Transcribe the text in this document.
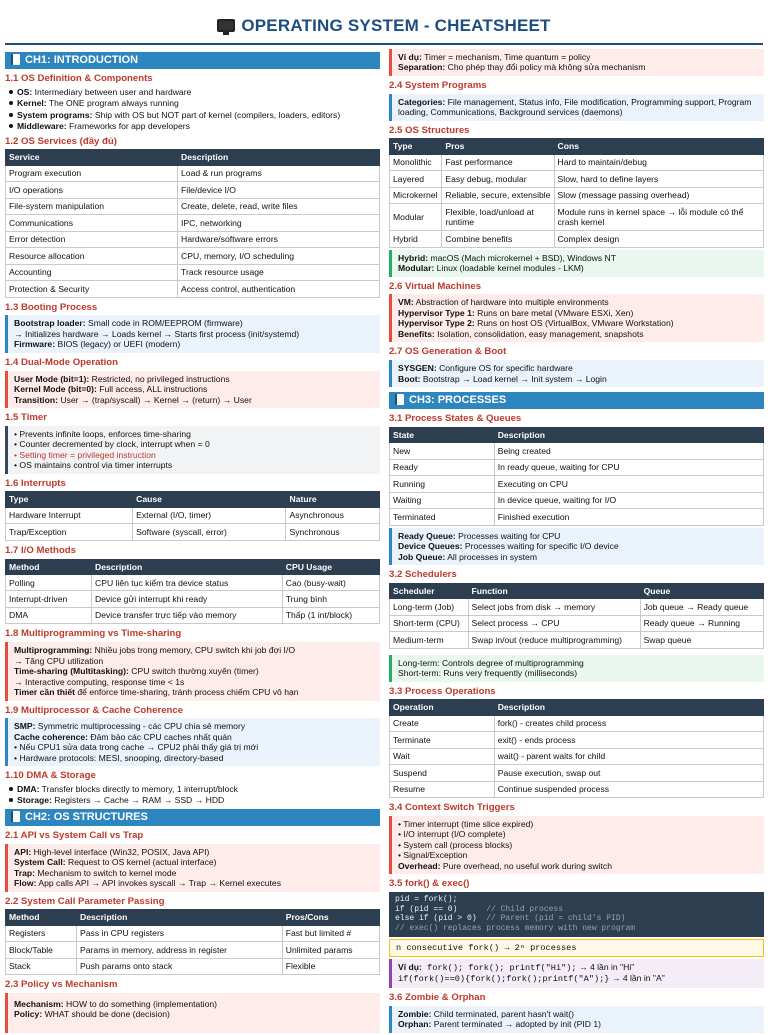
OPERATING SYSTEM - CHEATSHEET
CH1: INTRODUCTION
1.1 OS Definition & Components
OS: Intermediary between user and hardware
Kernel: The ONE program always running
System programs: Ship with OS but NOT part of kernel (compilers, loaders, editors)
Middleware: Frameworks for app developers
1.2 OS Services (đầy đủ)
Service	Description
Program execution	Load & run programs
I/O operations	File/device I/O
File-system manipulation	Create, delete, read, write files
Communications	IPC, networking
Error detection	Hardware/software errors
Resource allocation	CPU, memory, I/O scheduling
Accounting	Track resource usage
Protection & Security	Access control, authentication
1.3 Booting Process
Bootstrap loader: Small code in ROM/EEPROM (firmware)
→ Initializes hardware → Loads kernel → Starts first process (init/systemd)
Firmware: BIOS (legacy) or UEFI (modern)
1.4 Dual-Mode Operation
User Mode (bit=1): Restricted, no privileged instructions
Kernel Mode (bit=0): Full access, ALL instructions
Transition: User → (trap/syscall) → Kernel → (return) → User
1.5 Timer
• Prevents infinite loops, enforces time-sharing
• Counter decremented by clock, interrupt when = 0
• Setting timer = privileged instruction
• OS maintains control via timer interrupts
1.6 Interrupts
Type	Cause	Nature
Hardware Interrupt	External (I/O, timer)	Asynchronous
Trap/Exception	Software (syscall, error)	Synchronous
1.7 I/O Methods
Method	Description	CPU Usage
Polling	CPU liên tục kiểm tra device status	Cao (busy-wait)
Interrupt-driven	Device gửi interrupt khi ready	Trung bình
DMA	Device transfer trực tiếp vào memory	Thấp (1 int/block)
1.8 Multiprogramming vs Time-sharing
Multiprogramming: Nhiều jobs trong memory, CPU switch khi job đợi I/O
→ Tăng CPU utilization
Time-sharing (Multitasking): CPU switch thường xuyên (timer)
→ Interactive computing, response time < 1s
Timer cần thiết để enforce time-sharing, tránh process chiếm CPU vô hạn
1.9 Multiprocessor & Cache Coherence
SMP: Symmetric multiprocessing - các CPU chia sẻ memory
Cache coherence: Đảm bảo các CPU caches nhất quán
• Nếu CPU1 sửa data trong cache → CPU2 phải thấy giá trị mới
• Hardware protocols: MESI, snooping, directory-based
1.10 DMA & Storage
DMA: Transfer blocks directly to memory, 1 interrupt/block
Storage: Registers → Cache → RAM → SSD → HDD
CH2: OS STRUCTURES
2.1 API vs System Call vs Trap
API: High-level interface (Win32, POSIX, Java API)
System Call: Request to OS kernel (actual interface)
Trap: Mechanism to switch to kernel mode
Flow: App calls API → API invokes syscall → Trap → Kernel executes
2.2 System Call Parameter Passing
Method	Description	Pros/Cons
Registers	Pass in CPU registers	Fast but limited #
Block/Table	Params in memory, address in register	Unlimited params
Stack	Push params onto stack	Flexible
2.3 Policy vs Mechanism
Mechanism: HOW to do something (implementation)
Policy: WHAT should be done (decision)
Ví dụ: Timer = mechanism, Time quantum = policy
Separation: Cho phép thay đổi policy mà không sửa mechanism
2.4 System Programs
Categories: File management, Status info, File modification, Programming support, Program loading, Communications, Background services (daemons)
2.5 OS Structures
Type	Pros	Cons
Monolithic	Fast performance	Hard to maintain/debug
Layered	Easy debug, modular	Slow, hard to define layers
Microkernel	Reliable, secure, extensible	Slow (message passing overhead)
Modular	Flexible, load/unload at runtime	Module runs in kernel space → lỗi module có thể crash kernel
Hybrid	Combine benefits	Complex design
Hybrid: macOS (Mach microkernel + BSD), Windows NT
Modular: Linux (loadable kernel modules - LKM)
2.6 Virtual Machines
VM: Abstraction of hardware into multiple environments
Hypervisor Type 1: Runs on bare metal (VMware ESXi, Xen)
Hypervisor Type 2: Runs on host OS (VirtualBox, VMware Workstation)
Benefits: Isolation, consolidation, easy management, snapshots
2.7 OS Generation & Boot
SYSGEN: Configure OS for specific hardware
Boot: Bootstrap → Load kernel → Init system → Login
CH3: PROCESSES
3.1 Process States & Queues
State	Description
New	Being created
Ready	In ready queue, waiting for CPU
Running	Executing on CPU
Waiting	In device queue, waiting for I/O
Terminated	Finished execution
Ready Queue: Processes waiting for CPU
Device Queues: Processes waiting for specific I/O device
Job Queue: All processes in system
3.2 Schedulers
Scheduler	Function	Queue
Long-term (Job)	Select jobs from disk → memory	Job queue → Ready queue
Short-term (CPU)	Select process → CPU	Ready queue → Running
Medium-term	Swap in/out (reduce multiprogramming)	Swap queue
Long-term: Controls degree of multiprogramming
Short-term: Runs very frequently (milliseconds)
3.3 Process Operations
Operation	Description
Create	fork() - creates child process
Terminate	exit() - ends process
Wait	wait() - parent waits for child
Suspend	Pause execution, swap out
Resume	Continue suspended process
3.4 Context Switch Triggers
• Timer interrupt (time slice expired)
• I/O interrupt (I/O complete)
• System call (process blocks)
• Signal/Exception
Overhead: Pure overhead, no useful work during switch
3.5 fork() & exec()
pid = fork();
if (pid == 0)      // Child process
else if (pid > 0)  // Parent (pid = child's PID)
// exec() replaces process memory with new program
n consecutive fork() → 2ⁿ processes
Ví dụ: fork(); fork(); printf("Hi"); → 4 lần in "Hi"
if(fork()==0){fork();fork();printf("A");} → 4 lần in "A"
3.6 Zombie & Orphan
Zombie: Child terminated, parent hasn't wait()
Orphan: Parent terminated → adopted by init (PID 1)
